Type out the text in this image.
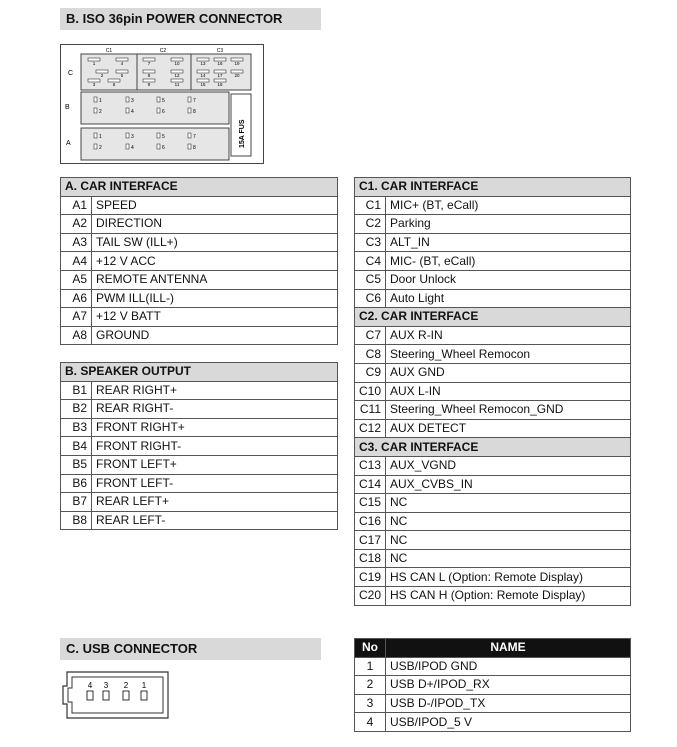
B. ISO 36pin POWER CONNECTOR
C1	C2	C3
C
B
A
1	4	7	10	13	16	19
2	5	8	12	14	17	20
3	6	9	11	15	18
1	3	5	7
2	4	6	8
1	3	5	7
2	4	6	8	15A FUS
A. CAR INTERFACE	
A1	SPEED
A2	DIRECTION
A3	TAIL SW (ILL+)
A4	+12 V ACC
A5	REMOTE ANTENNA
A6	PWM ILL(ILL-)
A7	+12 V BATT
A8	GROUND
B. SPEAKER OUTPUT	
B1	REAR RIGHT+
B2	REAR RIGHT-
B3	FRONT RIGHT+
B4	FRONT RIGHT-
B5	FRONT LEFT+
B6	FRONT LEFT-
B7	REAR LEFT+
B8	REAR LEFT-
C1. CAR INTERFACE	
C1	MIC+ (BT, eCall)
C2	Parking
C3	ALT_IN
C4	MIC- (BT, eCall)
C5	Door Unlock
C6	Auto Light
C2. CAR INTERFACE	
C7	AUX R-IN
C8	Steering_Wheel Remocon
C9	AUX GND
C10	AUX L-IN
C11	Steering_Wheel Remocon_GND
C12	AUX DETECT
C3. CAR INTERFACE	
C13	AUX_VGND
C14	AUX_CVBS_IN
C15	NC
C16	NC
C17	NC
C18	NC
C19	HS CAN L (Option: Remote Display)
C20	HS CAN H (Option: Remote Display)
C. USB CONNECTOR
4 3 2 1
No	NAME
1	USB/IPOD GND
2	USB D+/IPOD_RX
3	USB D-/IPOD_TX
4	USB/IPOD_5 V
